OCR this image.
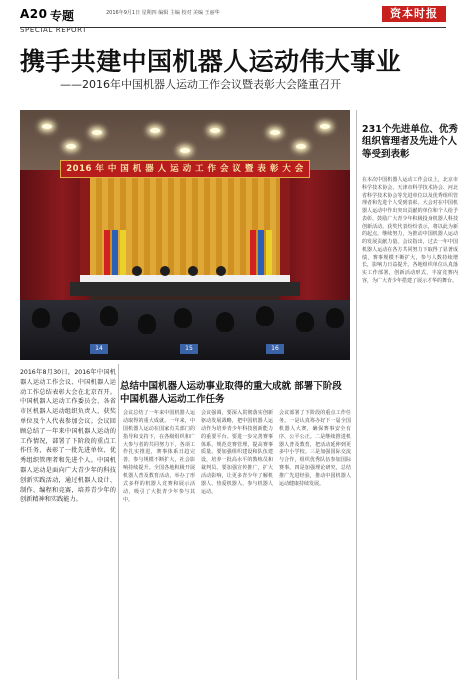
A20 专题	2016年9月1日 星期四 编辑 主编 校对 美编 王丽华	资本时报
SPECIAL REPORT
携手共建中国机器人运动伟大事业
——2016年中国机器人运动工作会议暨表彰大会隆重召开
2016 年 中 国 机 器 人 运 动 工 作 会 议 暨 表 彰 大 会
14	15	16
231个先进单位、优秀组织管理者及先进个人等受到表彰
在本次中国机器人运动工作会议上，北京市科学技术协会、天津市科学技术协会、河北省科学技术协会等先进单位以及优秀组织管理者和先进个人受到表彰。大会对在中国机器人运动中作出突出贡献的单位和个人给予表彰，鼓励广大青少年积极投身机器人科技创新活动。获奖代表纷纷表示，将以此为新的起点，继续努力，为推动中国机器人运动的发展贡献力量。会议指出，过去一年中国机器人运动在各方共同努力下取得了显著成绩，赛事规模不断扩大，参与人数持续增长，影响力日益提升。各地组织单位认真落实工作部署，创新活动形式，丰富竞赛内容，为广大青少年搭建了展示才华的舞台。
2016年8月30日，2016年中国机器人运动工作会议、中国机器人运动工作总结表彰大会在北京召开。中国机器人运动工作委员会、各省市区机器人运动组织负责人、获奖单位及个人代表参加会议。会议回顾总结了一年来中国机器人运动的工作情况，部署了下阶段的重点工作任务，表彰了一批先进单位、优秀组织管理者和先进个人。中国机器人运动是面向广大青少年的科技创新实践活动，通过机器人设计、制作、编程和竞赛，培养青少年的创新精神和实践能力。
总结中国机器人运动事业取得的重大成就 部署下阶段中国机器人运动工作任务
会议总结了一年来中国机器人运动取得的重大成就。一年来，中国机器人运动在国家有关部门的指导和支持下，在各级组织和广大参与者的共同努力下，各项工作扎实推进，赛事体系日趋完善，参与规模不断扩大，社会影响持续提升。全国各地积极开展机器人普及教育活动，举办了形式多样的机器人竞赛和展示活动，吸引了大批青少年参与其中。
会议强调，要深入贯彻落实创新驱动发展战略，把中国机器人运动作为培养青少年科技创新能力的重要平台。要进一步完善赛事体系，规范竞赛管理，提高赛事质量。要加强组织建设和队伍建设，培养一批高水平的教练员和裁判员。要加强宣传推广，扩大活动影响，让更多青少年了解机器人、热爱机器人、参与机器人运动。
会议部署了下阶段的重点工作任务。一是认真筹办好下一届全国机器人大赛，确保赛事安全有序、公平公正。二是继续推进机器人普及教育，把活动延伸到更多中小学校。三是加强国际交流与合作，组织优秀队伍参加国际赛事。四是加强理论研究，总结推广先进经验，推动中国机器人运动健康持续发展。
